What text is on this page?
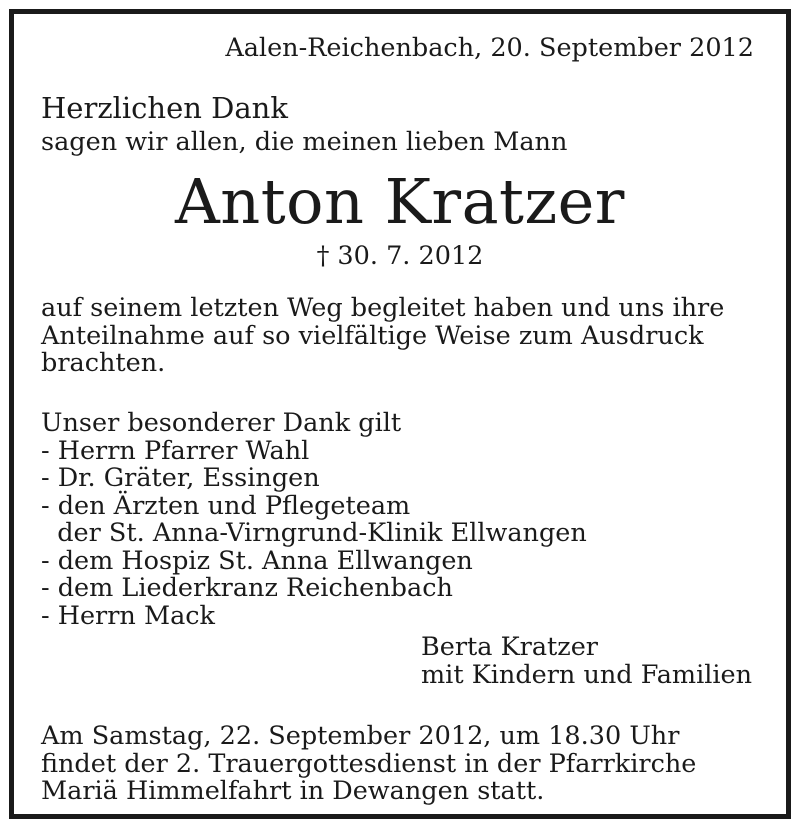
Aalen-Reichenbach, 20. September 2012
Herzlichen Dank
sagen wir allen, die meinen lieben Mann
Anton Kratzer
† 30. 7. 2012
auf seinem letzten Weg begleitet haben und uns ihre
Anteilnahme auf so vielfältige Weise zum Ausdruck
brachten.
Unser besonderer Dank gilt
- Herrn Pfarrer Wahl
- Dr. Gräter, Essingen
- den Ärzten und Pflegeteam
der St. Anna-Virngrund-Klinik Ellwangen
- dem Hospiz St. Anna Ellwangen
- dem Liederkranz Reichenbach
- Herrn Mack
Berta Kratzer
mit Kindern und Familien
Am Samstag, 22. September 2012, um 18.30 Uhr
findet der 2. Trauergottesdienst in der Pfarrkirche
Mariä Himmelfahrt in Dewangen statt.
